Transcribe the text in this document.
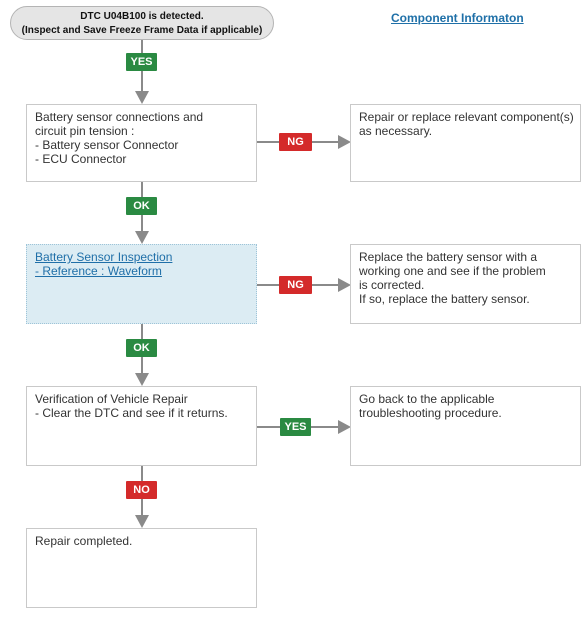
DTC U04B100 is detected.
(Inspect and Save Freeze Frame Data if applicable)
Component Informaton
YES
Battery sensor connections and
circuit pin tension :
- Battery sensor Connector
- ECU Connector
NG
Repair or replace relevant component(s)
as necessary.
OK
Battery Sensor Inspection
- Reference : Waveform
NG
Replace the battery sensor with a
working one and see if the problem
is corrected.
If so, replace the battery sensor.
OK
Verification of Vehicle Repair
- Clear the DTC and see if it returns.
YES
Go back to the applicable
troubleshooting procedure.
NO
Repair completed.
